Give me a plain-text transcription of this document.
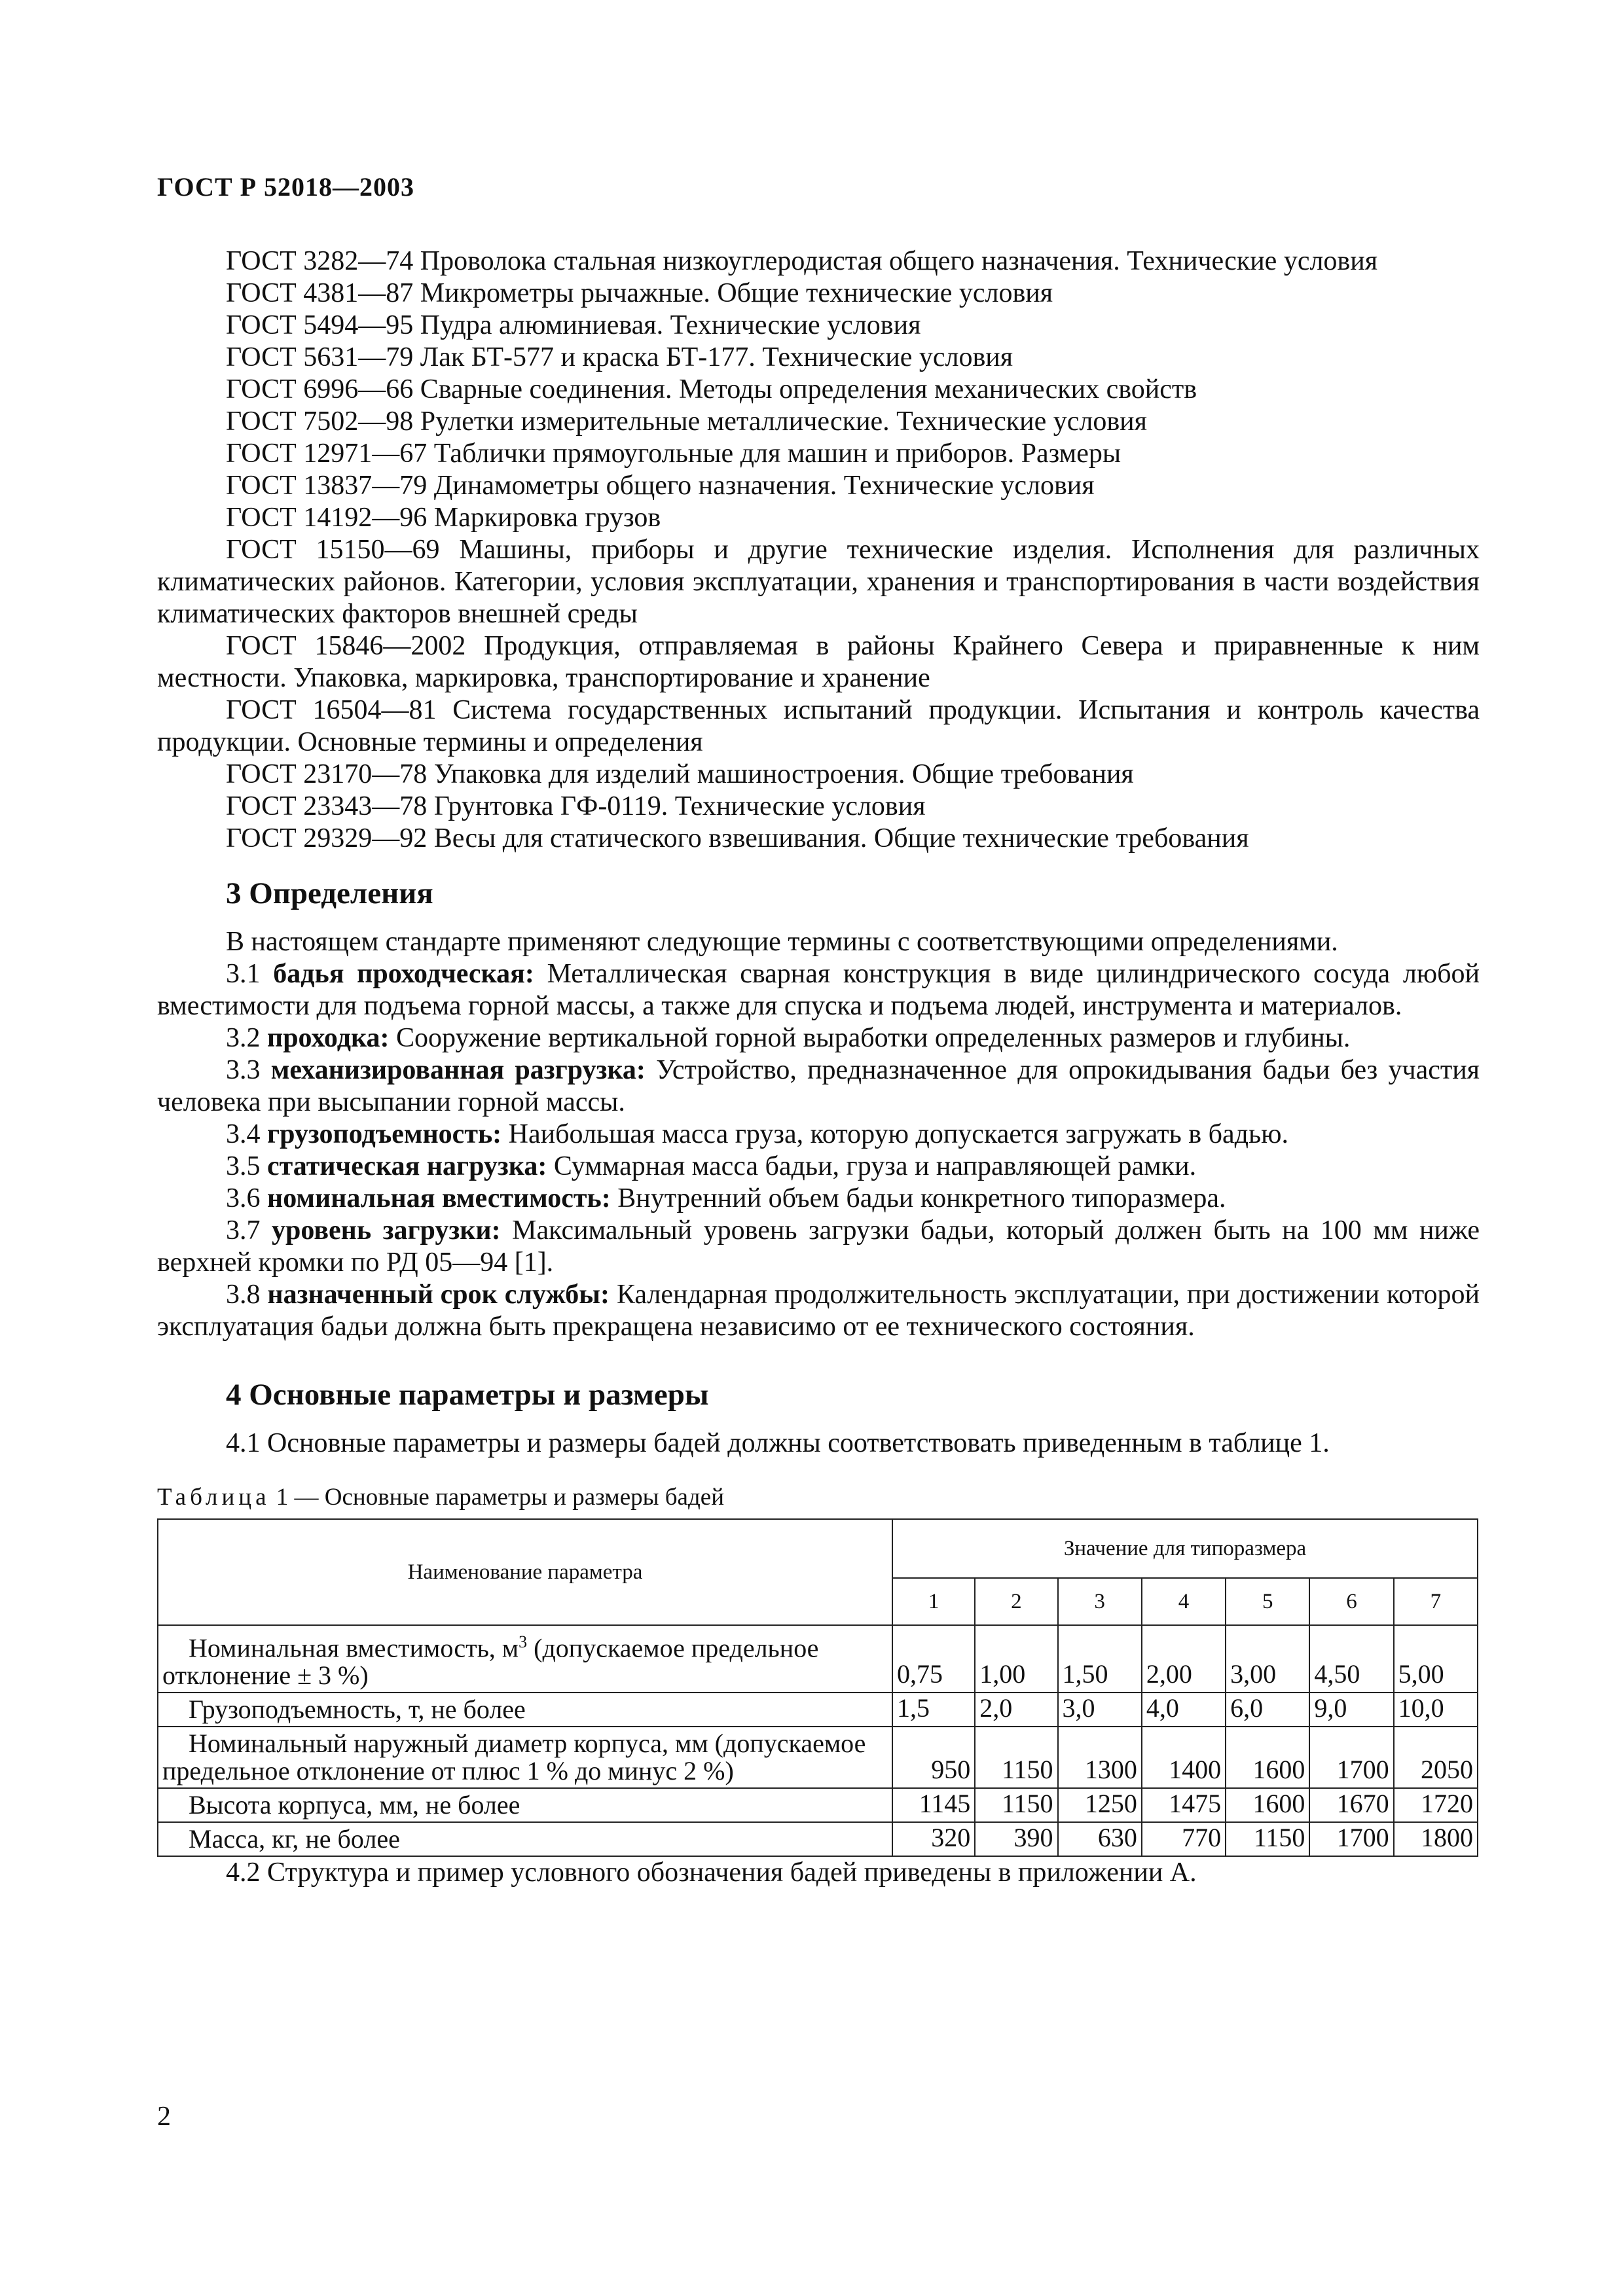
ГОСТ Р 52018—2003

ГОСТ 3282—74 Проволока стальная низкоуглеродистая общего назначения. Технические условия

ГОСТ 4381—87 Микрометры рычажные. Общие технические условия

ГОСТ 5494—95 Пудра алюминиевая. Технические условия

ГОСТ 5631—79 Лак БТ-577 и краска БТ-177. Технические условия

ГОСТ 6996—66 Сварные соединения. Методы определения механических свойств

ГОСТ 7502—98 Рулетки измерительные металлические. Технические условия

ГОСТ 12971—67 Таблички прямоугольные для машин и приборов. Размеры

ГОСТ 13837—79 Динамометры общего назначения. Технические условия

ГОСТ 14192—96 Маркировка грузов

ГОСТ 15150—69 Машины, приборы и другие технические изделия. Исполнения для различных климатических районов. Категории, условия эксплуатации, хранения и транспортирования в части воздействия климатических факторов внешней среды

ГОСТ 15846—2002 Продукция, отправляемая в районы Крайнего Севера и приравненные к ним местности. Упаковка, маркировка, транспортирование и хранение

ГОСТ 16504—81 Система государственных испытаний продукции. Испытания и контроль качества продукции. Основные термины и определения

ГОСТ 23170—78 Упаковка для изделий машиностроения. Общие требования

ГОСТ 23343—78 Грунтовка ГФ-0119. Технические условия

ГОСТ 29329—92 Весы для статического взвешивания. Общие технические требования

3 Определения

В настоящем стандарте применяют следующие термины с соответствующими определениями.

3.1 бадья проходческая: Металлическая сварная конструкция в виде цилиндрического сосуда любой вместимости для подъема горной массы, а также для спуска и подъема людей, инструмента и материалов.

3.2 проходка: Сооружение вертикальной горной выработки определенных размеров и глубины.

3.3 механизированная разгрузка: Устройство, предназначенное для опрокидывания бадьи без участия человека при высыпании горной массы.

3.4 грузоподъемность: Наибольшая масса груза, которую допускается загружать в бадью.

3.5 статическая нагрузка: Суммарная масса бадьи, груза и направляющей рамки.

3.6 номинальная вместимость: Внутренний объем бадьи конкретного типоразмера.

3.7 уровень загрузки: Максимальный уровень загрузки бадьи, который должен быть на 100 мм ниже верхней кромки по РД 05—94 [1].

3.8 назначенный срок службы: Календарная продолжительность эксплуатации, при достижении которой эксплуатация бадьи должна быть прекращена независимо от ее технического состояния.

4 Основные параметры и размеры

4.1 Основные параметры и размеры бадей должны соответствовать приведенным в таблице 1.

Таблица 1 — Основные параметры и размеры бадей
Наименование параметра	Значение для типоразмера						
	1	2	3	4	5	6	7
Номинальная вместимость, $м^3$ (допускаемое предельное отклонение ± 3 %)	0,75	1,00	1,50	2,00	3,00	4,50	5,00
Грузоподъемность, т, не более	1,5	2,0	3,0	4,0	6,0	9,0	10,0
Номинальный наружный диаметр корпуса, мм (допускаемое предельное отклонение от плюс 1 % до минус 2 %)	950	1150	1300	1400	1600	1700	2050
Высота корпуса, мм, не более	1145	1150	1250	1475	1600	1670	1720
Масса, кг, не более	320	390	630	770	1150	1700	1800

4.2 Структура и пример условного обозначения бадей приведены в приложении А.

2
